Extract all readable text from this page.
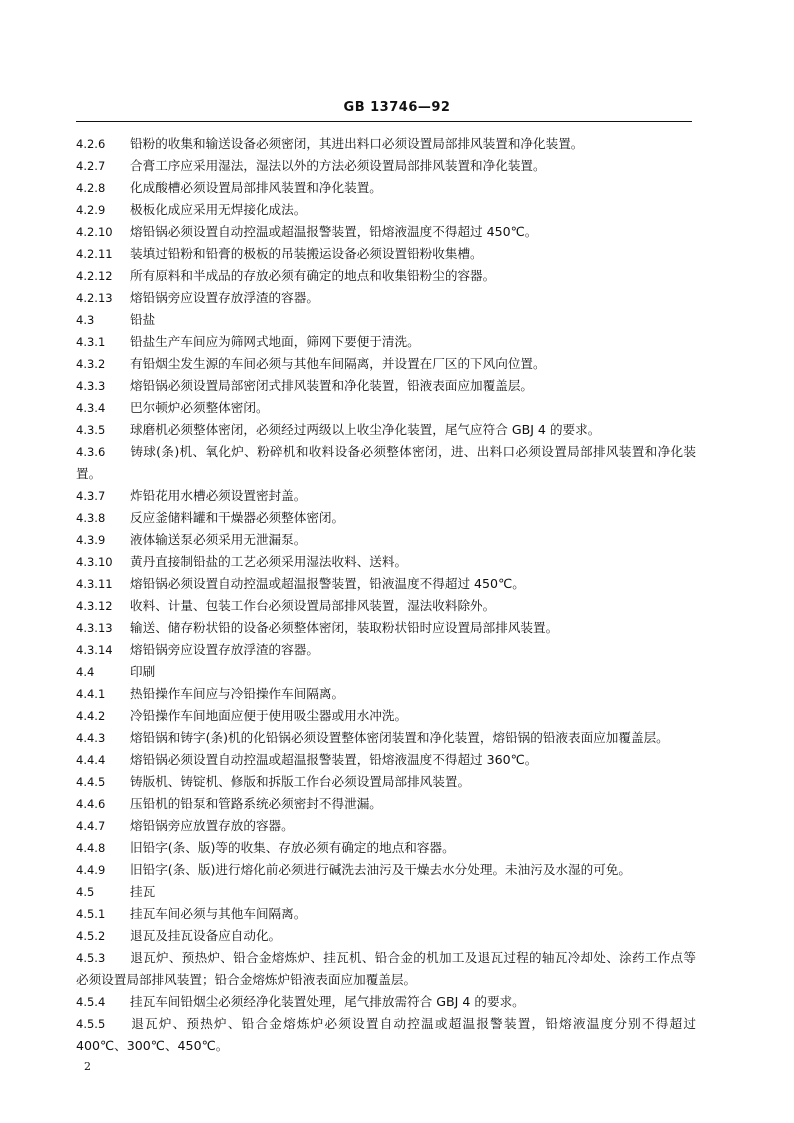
GB 13746—92
4.2.6 铅粉的收集和输送设备必须密闭，其进出料口必须设置局部排风装置和净化装置。
4.2.7 合膏工序应采用湿法，湿法以外的方法必须设置局部排风装置和净化装置。
4.2.8 化成酸槽必须设置局部排风装置和净化装置。
4.2.9 极板化成应采用无焊接化成法。
4.2.10 熔铅锅必须设置自动控温或超温报警装置，铅熔液温度不得超过 450℃。
4.2.11 装填过铅粉和铅膏的极板的吊装搬运设备必须设置铅粉收集槽。
4.2.12 所有原料和半成品的存放必须有确定的地点和收集铅粉尘的容器。
4.2.13 熔铅锅旁应设置存放浮渣的容器。
4.3	铅盐
4.3.1 铅盐生产车间应为筛网式地面，筛网下要便于清洗。
4.3.2 有铅烟尘发生源的车间必须与其他车间隔离，并设置在厂区的下风向位置。
4.3.3 熔铅锅必须设置局部密闭式排风装置和净化装置，铅液表面应加覆盖层。
4.3.4 巴尔顿炉必须整体密闭。
4.3.5 球磨机必须整体密闭，必须经过两级以上收尘净化装置，尾气应符合 GBJ 4 的要求。
4.3.6 铸球(条)机、氧化炉、粉碎机和收料设备必须整体密闭，进、出料口必须设置局部排风装置和净化装置。
4.3.7 炸铅花用水槽必须设置密封盖。
4.3.8 反应釜储料罐和干燥器必须整体密闭。
4.3.9 液体输送泵必须采用无泄漏泵。
4.3.10 黄丹直接制铅盐的工艺必须采用湿法收料、送料。
4.3.11 熔铅锅必须设置自动控温或超温报警装置，铅液温度不得超过 450℃。
4.3.12 收料、计量、包装工作台必须设置局部排风装置，湿法收料除外。
4.3.13 输送、储存粉状铅的设备必须整体密闭，装取粉状铅时应设置局部排风装置。
4.3.14 熔铅锅旁应设置存放浮渣的容器。
4.4	印刷
4.4.1 热铅操作车间应与冷铅操作车间隔离。
4.4.2 冷铅操作车间地面应便于使用吸尘器或用水冲洗。
4.4.3 熔铅锅和铸字(条)机的化铅锅必须设置整体密闭装置和净化装置，熔铅锅的铅液表面应加覆盖层。
4.4.4 熔铅锅必须设置自动控温或超温报警装置，铅熔液温度不得超过 360℃。
4.4.5 铸版机、铸锭机、修版和拆版工作台必须设置局部排风装置。
4.4.6 压铅机的铅泵和管路系统必须密封不得泄漏。
4.4.7 熔铅锅旁应放置存放的容器。
4.4.8 旧铅字(条、版)等的收集、存放必须有确定的地点和容器。
4.4.9 旧铅字(条、版)进行熔化前必须进行碱洗去油污及干燥去水分处理。未油污及水湿的可免。
4.5	挂瓦
4.5.1 挂瓦车间必须与其他车间隔离。
4.5.2 退瓦及挂瓦设备应自动化。
4.5.3 退瓦炉、预热炉、铅合金熔炼炉、挂瓦机、铅合金的机加工及退瓦过程的轴瓦冷却处、涂药工作点等必须设置局部排风装置；铅合金熔炼炉铅液表面应加覆盖层。
4.5.4 挂瓦车间铅烟尘必须经净化装置处理，尾气排放需符合 GBJ 4 的要求。
4.5.5 退瓦炉、预热炉、铅合金熔炼炉必须设置自动控温或超温报警装置，铅熔液温度分别不得超过 400℃、300℃、450℃。
2
